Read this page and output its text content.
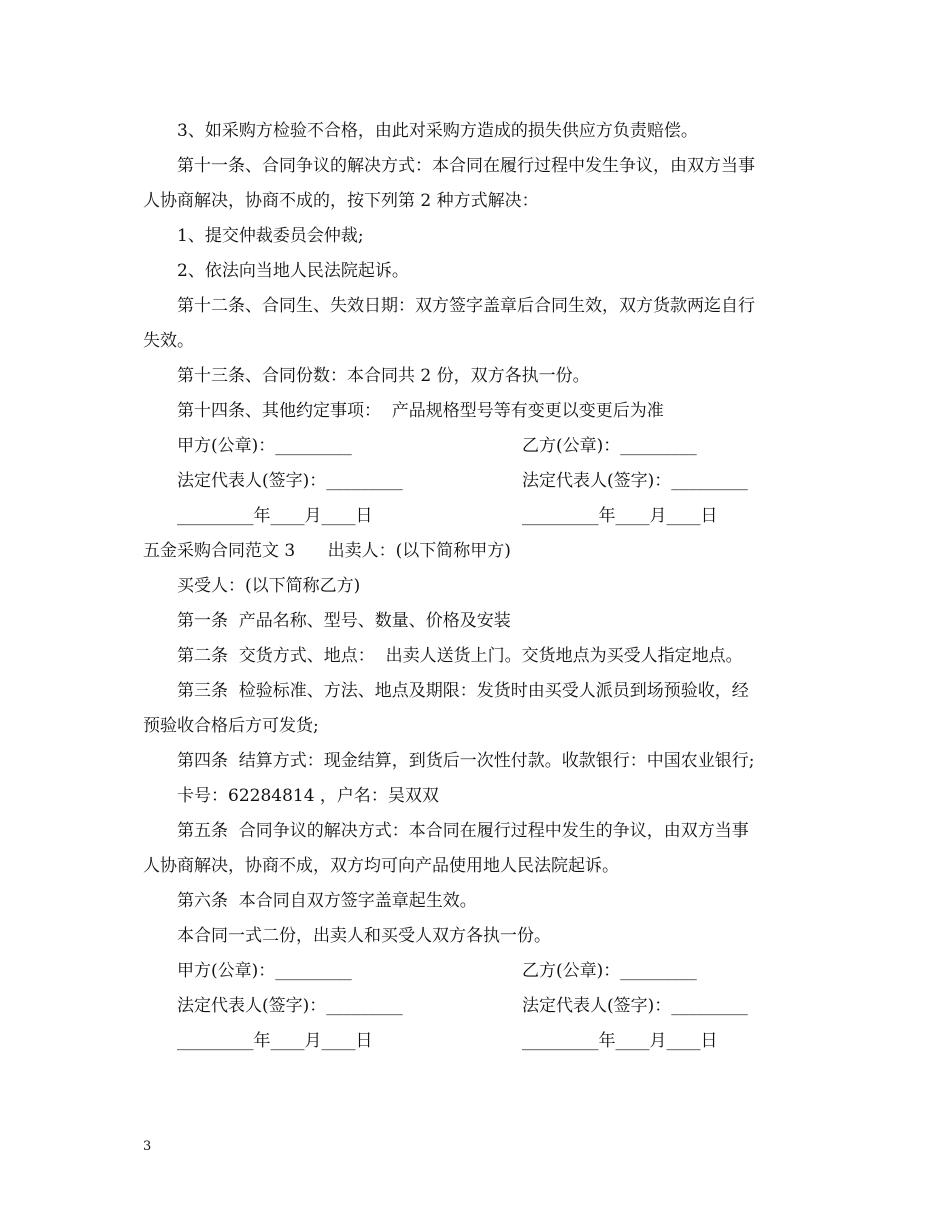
3、如采购方检验不合格，由此对采购方造成的损失供应方负责赔偿。
第十一条、合同争议的解决方式：本合同在履行过程中发生争议，由双方当事
人协商解决，协商不成的，按下列第 2 种方式解决：
1、提交仲裁委员会仲裁;
2、依法向当地人民法院起诉。
第十二条、合同生、失效日期：双方签字盖章后合同生效，双方货款两迄自行
失效。
第十三条、合同份数：本合同共 2 份，双方各执一份。
第十四条、其他约定事项：  产品规格型号等有变更以变更后为准
甲方(公章)：_________	乙方(公章)：_________
法定代表人(签字)：_________	法定代表人(签字)：_________
_________年____月____日	_________年____月____日
五金采购合同范文 3      出卖人：(以下简称甲方)
买受人：(以下简称乙方)
第一条  产品名称、型号、数量、价格及安装
第二条  交货方式、地点：  出卖人送货上门。交货地点为买受人指定地点。
第三条  检验标准、方法、地点及期限：发货时由买受人派员到场预验收，经
预验收合格后方可发货;
第四条  结算方式：现金结算，到货后一次性付款。收款银行：中国农业银行;
卡号：62284814 ，户名：吴双双
第五条  合同争议的解决方式：本合同在履行过程中发生的争议，由双方当事
人协商解决，协商不成，双方均可向产品使用地人民法院起诉。
第六条  本合同自双方签字盖章起生效。
本合同一式二份，出卖人和买受人双方各执一份。
甲方(公章)：_________	乙方(公章)：_________
法定代表人(签字)：_________	法定代表人(签字)：_________
_________年____月____日	_________年____月____日
3
